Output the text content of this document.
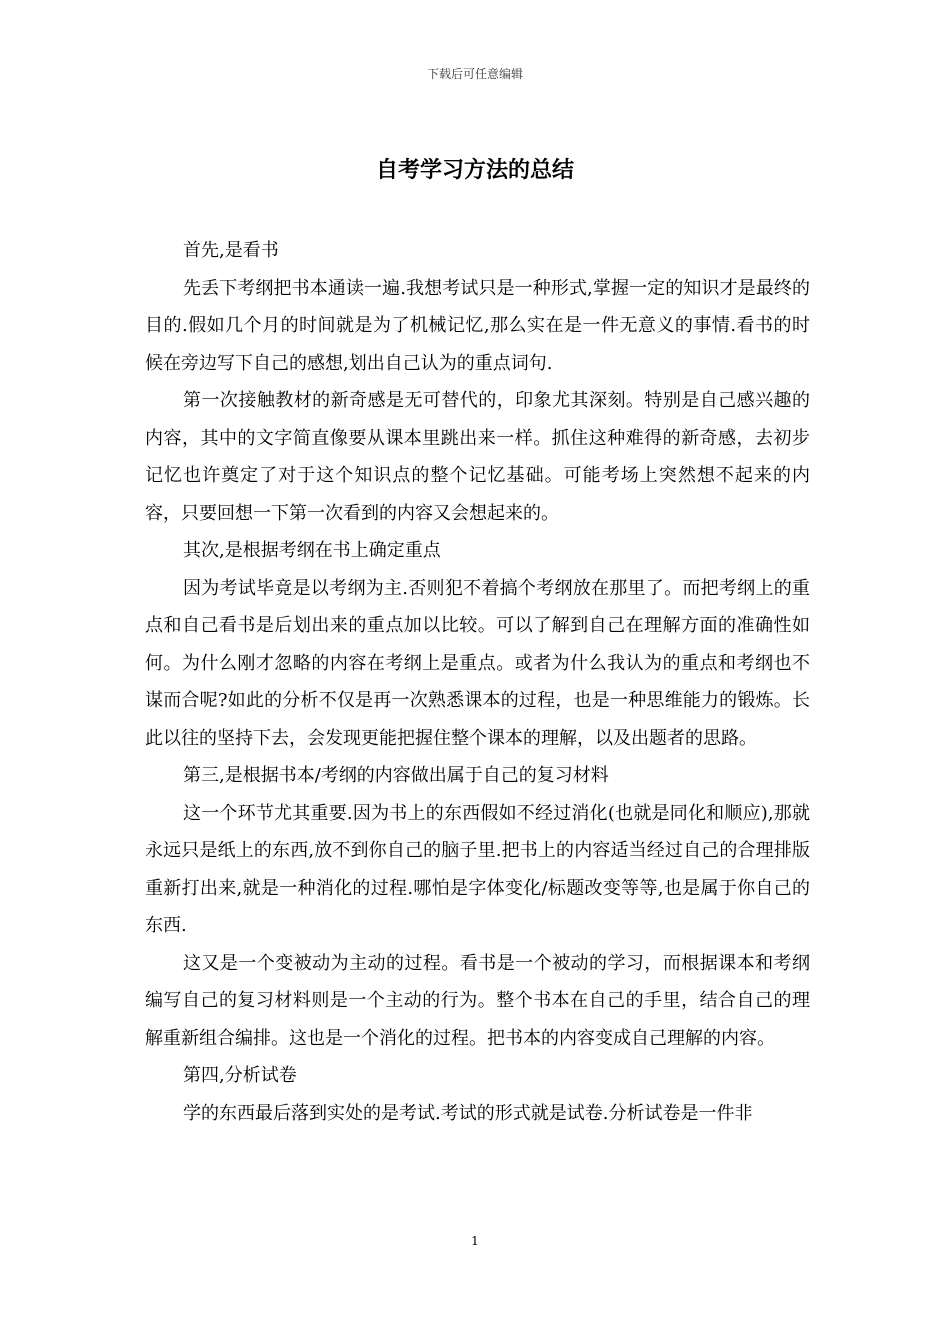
下载后可任意编辑
自考学习方法的总结

首先,是看书

先丢下考纲把书本通读一遍.我想考试只是一种形式,掌握一定的知识才是最终的目的.假如几个月的时间就是为了机械记忆,那么实在是一件无意义的事情.看书的时候在旁边写下自己的感想,划出自己认为的重点词句.

第一次接触教材的新奇感是无可替代的，印象尤其深刻。特别是自己感兴趣的内容，其中的文字简直像要从课本里跳出来一样。抓住这种难得的新奇感，去初步记忆也许奠定了对于这个知识点的整个记忆基础。可能考场上突然想不起来的内容，只要回想一下第一次看到的内容又会想起来的。

其次,是根据考纲在书上确定重点

因为考试毕竟是以考纲为主.否则犯不着搞个考纲放在那里了。而把考纲上的重点和自己看书是后划出来的重点加以比较。可以了解到自己在理解方面的准确性如何。为什么刚才忽略的内容在考纲上是重点。或者为什么我认为的重点和考纲也不谋而合呢?如此的分析不仅是再一次熟悉课本的过程，也是一种思维能力的锻炼。长此以往的坚持下去，会发现更能把握住整个课本的理解，以及出题者的思路。

第三,是根据书本/考纲的内容做出属于自己的复习材料

这一个环节尤其重要.因为书上的东西假如不经过消化(也就是同化和顺应),那就永远只是纸上的东西,放不到你自己的脑子里.把书上的内容适当经过自己的合理排版重新打出来,就是一种消化的过程.哪怕是字体变化/标题改变等等,也是属于你自己的东西.

这又是一个变被动为主动的过程。看书是一个被动的学习，而根据课本和考纲编写自己的复习材料则是一个主动的行为。整个书本在自己的手里，结合自己的理解重新组合编排。这也是一个消化的过程。把书本的内容变成自己理解的内容。

第四,分析试卷

学的东西最后落到实处的是考试.考试的形式就是试卷.分析试卷是一件非

1
